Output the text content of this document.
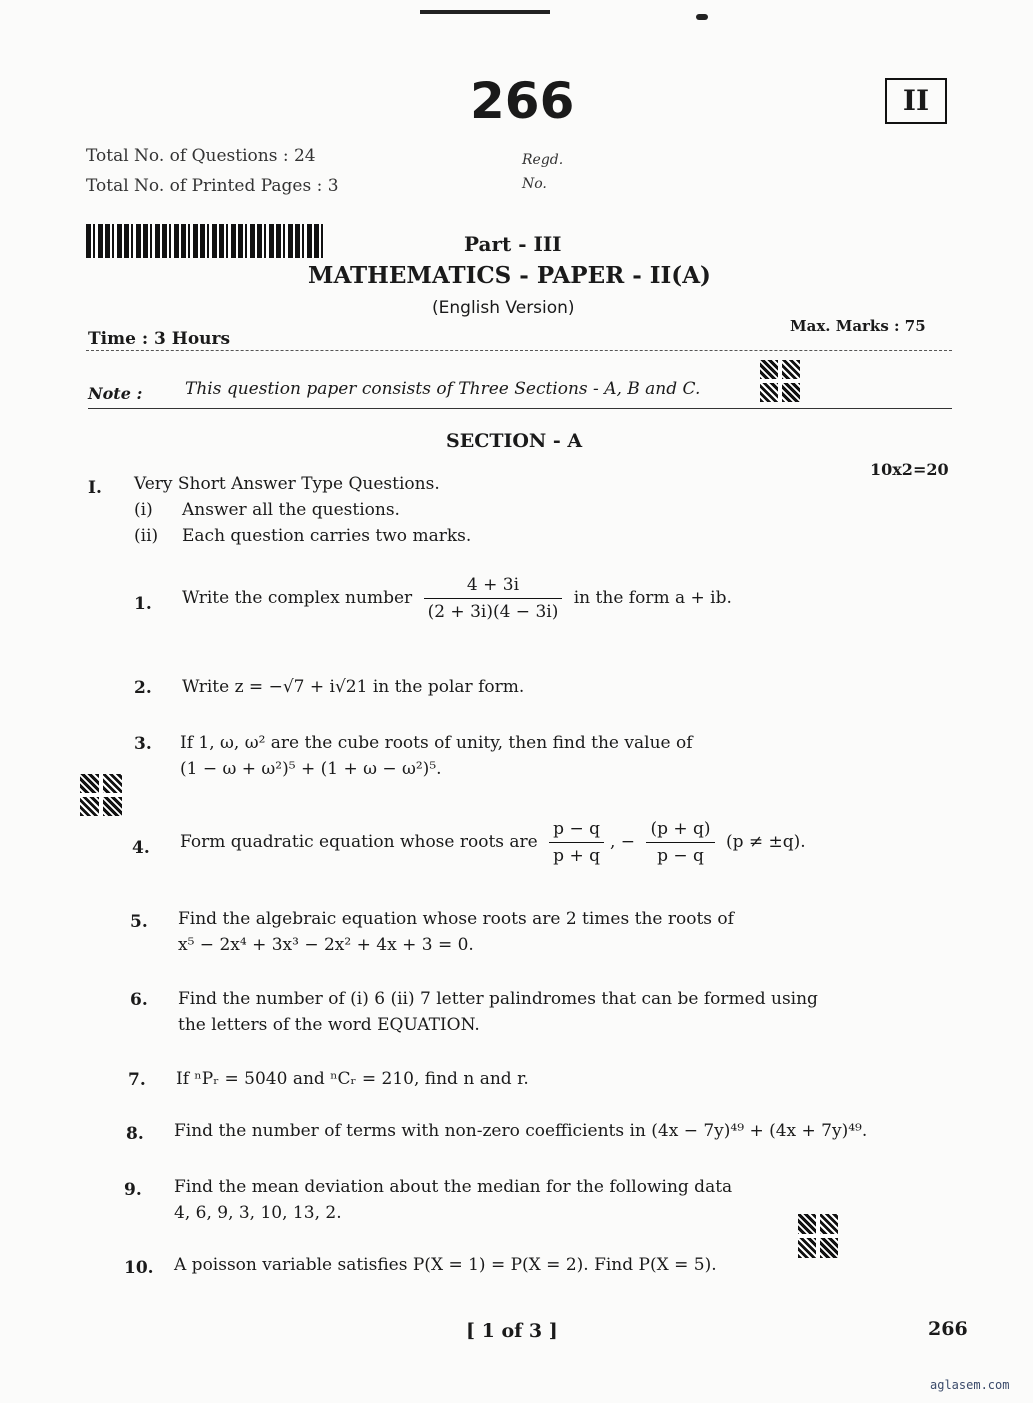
266	II
Total No. of Questions : 24
Total No. of Printed Pages : 3
Regd.
No.
Part - III
MATHEMATICS - PAPER - II(A)
(English Version)
Time : 3 Hours
Max. Marks : 75
Note :	This question paper consists of Three Sections - A, B and C.
SECTION - A
10x2=20
I. Very Short Answer Type Questions.
(i) Answer all the questions.
(ii) Each question carries two marks.
1. Write the complex number $\frac{4 + 3i}{(2 + 3i)(4 - 3i)}$ in the form a + ib.
2. Write z = −√7 + i√21 in the polar form.
3. If 1, ω, ω² are the cube roots of unity, then find the value of
(1 − ω + ω²)⁵ + (1 + ω − ω²)⁵.
4. Form quadratic equation whose roots are $\frac{p - q}{p + q}$ , − $\frac{(p + q)}{p - q} (p \ne \pm q)$.
5. Find the algebraic equation whose roots are 2 times the roots of
x⁵ − 2x⁴ + 3x³ − 2x² + 4x + 3 = 0.
6. Find the number of (i) 6 (ii) 7 letter palindromes that can be formed using
the letters of the word EQUATION.
7. If ⁿPᵣ = 5040 and ⁿCᵣ = 210, find n and r.
8. Find the number of terms with non-zero coefficients in (4x − 7y)⁴⁹ + (4x + 7y)⁴⁹.
9. Find the mean deviation about the median for the following data
4, 6, 9, 3, 10, 13, 2.
10. A poisson variable satisfies P(X = 1) = P(X = 2). Find P(X = 5).
[ 1 of 3 ]	266
aglasem.com
